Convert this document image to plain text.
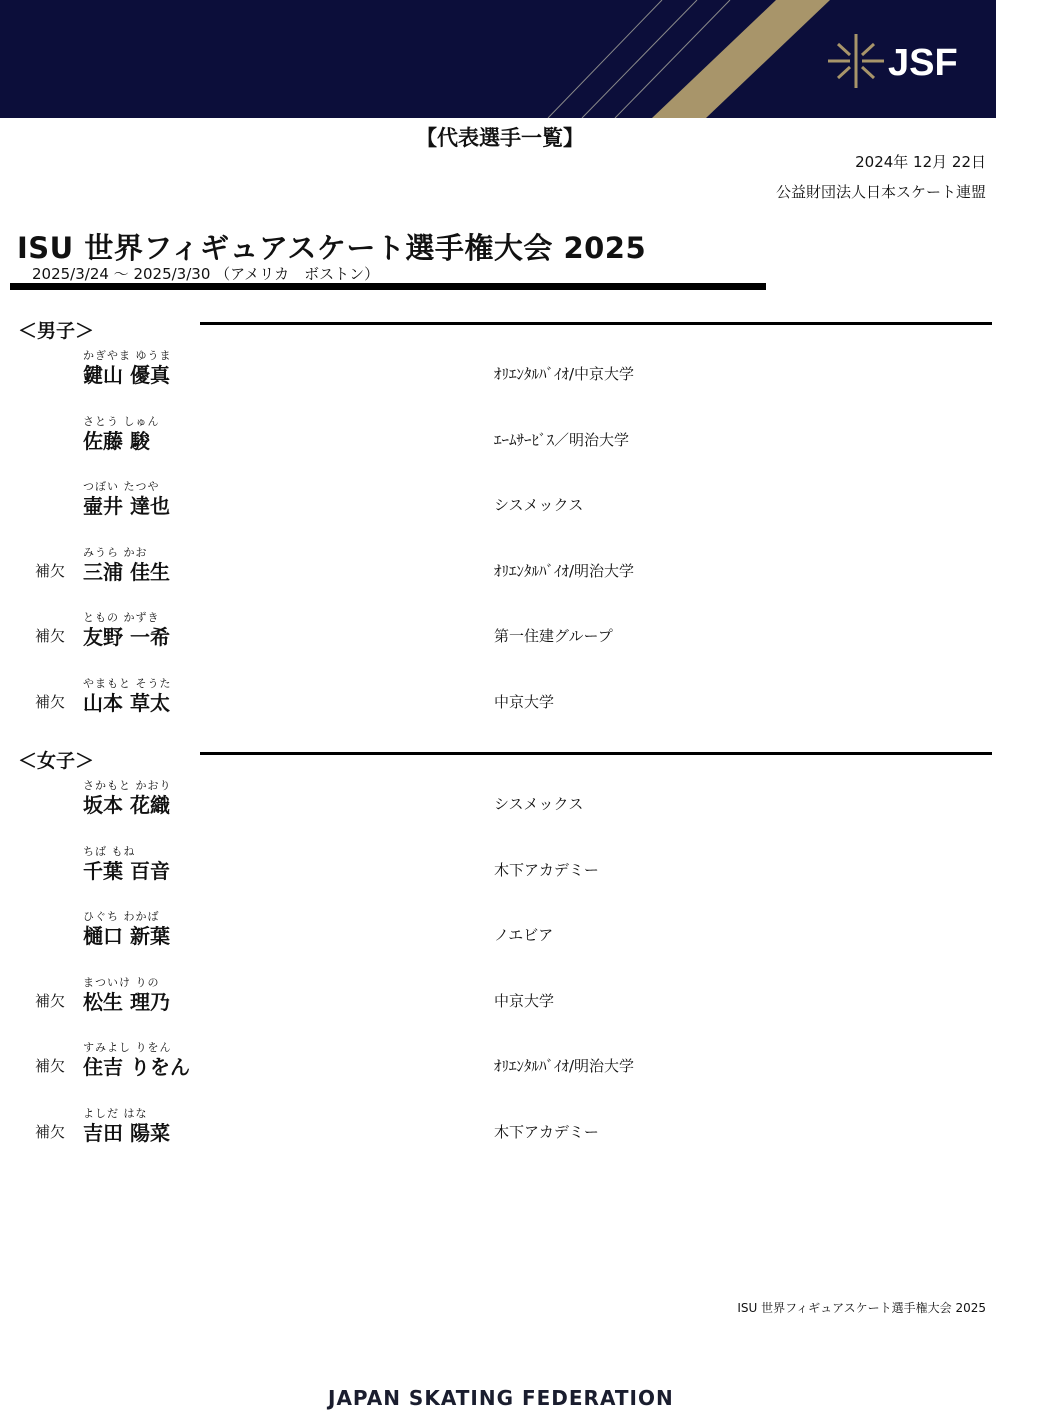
JSF
【代表選手一覧】
2024年 12月 22日
公益財団法人日本スケート連盟
ISU 世界フィギュアスケート選手権大会 2025
2025/3/24 ～ 2025/3/30 （アメリカ　ボストン）
＜男子＞
かぎやま ゆうま
鍵山 優真	ｵﾘｴﾝﾀﾙﾊﾞｲｵ/中京大学
さとう しゅん
佐藤 駿	ｴｰﾑｻｰﾋﾞｽ／明治大学
つぼい たつや
壷井 達也	シスメックス
補欠
みうら かお
三浦 佳生	ｵﾘｴﾝﾀﾙﾊﾞｲｵ/明治大学
補欠
ともの かずき
友野 一希	第一住建グループ
補欠
やまもと そうた
山本 草太	中京大学
＜女子＞
さかもと かおり
坂本 花織	シスメックス
ちば もね
千葉 百音	木下アカデミー
ひぐち わかば
樋口 新葉	ノエビア
補欠
まついけ りの
松生 理乃	中京大学
補欠
すみよし りをん
住吉 りをん	ｵﾘｴﾝﾀﾙﾊﾞｲｵ/明治大学
補欠
よしだ はな
吉田 陽菜	木下アカデミー
ISU 世界フィギュアスケート選手権大会 2025
JAPAN SKATING FEDERATION
